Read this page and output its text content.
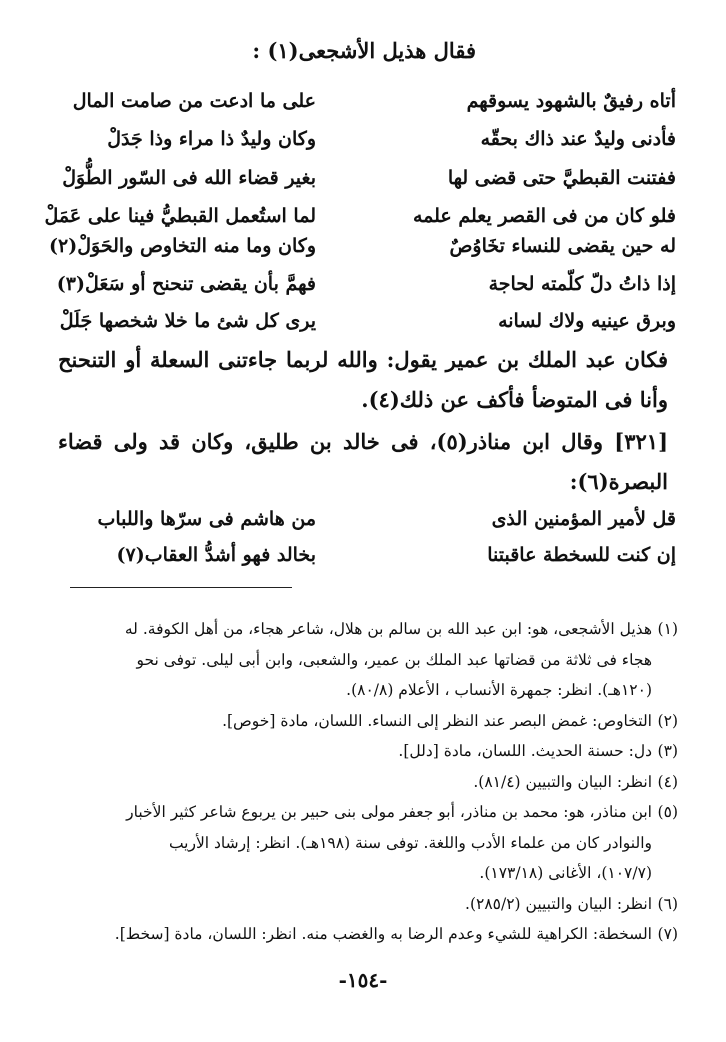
فقال هذيل الأشجعى(١) :
أتاه رفيقٌ بالشهود يسوقهم
على ما ادعت من صامت المال
فأدنى وليدٌ عند ذاك بحقّه
وكان وليدٌ ذا مراء وذا جَدَلْ
ففتنت القبطيَّ حتى قضى لها
بغير قضاء الله فى السّور الطُّوَلْ
فلو كان من فى القصر يعلم علمه
لما استُعمل القبطيُّ فينا على عَمَلْ
له حين يقضى للنساء تخَاوُصٌ
وكان وما منه التخاوص والحَوَلْ(٢)
إذا ذاتُ دلّ كلّمته لحاجة
فهمَّ بأن يقضى تنحنح أو سَعَلْ(٣)
وبرق عينيه ولاك لسانه
يرى كل شئ ما خلا شخصها جَلَلْ
فكان عبد الملك بن عمير يقول: والله لربما جاءتنى السعلة أو التنحنح وأنا فى المتوضأ فأكف عن ذلك(٤).
[٣٢١] وقال ابن مناذر(٥)، فى خالد بن طليق، وكان قد ولى قضاء البصرة(٦):
قل لأمير المؤمنين الذى
من هاشم فى سرّها واللباب
إن كنت للسخطة عاقبتنا
بخالد فهو أشدُّ العقاب(٧)

(١)هذيل الأشجعى، هو: ابن عبد الله بن سالم بن هلال، شاعر هجاء، من أهل الكوفة. له

هجاء فى ثلاثة من قضاتها عبد الملك بن عمير، والشعبى، وابن أبى ليلى. توفى نحو

(١٢٠هـ). انظر: جمهرة الأنساب ، الأعلام (٨٠/٨).

(٢)التخاوص: غمض البصر عند النظر إلى النساء. اللسان، مادة [خوص].

(٣)دل: حسنة الحديث. اللسان، مادة [دلل].

(٤)انظر: البيان والتبيين (٨١/٤).

(٥)ابن مناذر، هو: محمد بن مناذر، أبو جعفر مولى بنى حبير بن يربوع شاعر كثير الأخبار

والنوادر كان من علماء الأدب واللغة. توفى سنة (١٩٨هـ). انظر: إرشاد الأريب

(١٠٧/٧)، الأغانى (١٧٣/١٨).

(٦)انظر: البيان والتبيين (٢٨٥/٢).

(٧)السخطة: الكراهية للشيء وعدم الرضا به والغضب منه. انظر: اللسان، مادة [سخط].

-١٥٤-
